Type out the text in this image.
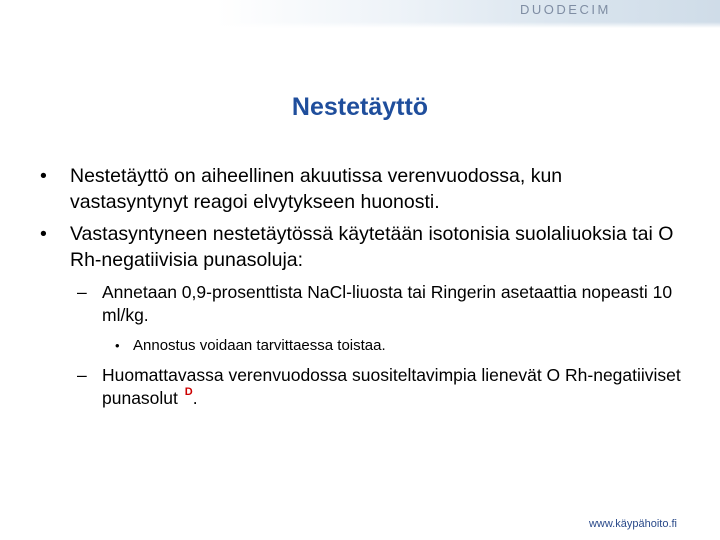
DUODECIM
Nestetäyttö

• Nestetäyttö on aiheellinen akuutissa verenvuodossa, kun vastasyntynyt reagoi elvytykseen huonosti.

• Vastasyntyneen nestetäytössä käytetään isotonisia suolaliuoksia tai O Rh-negatiivisia punasoluja:

– Annetaan 0,9-prosenttista NaCl-liuosta tai Ringerin asetaattia nopeasti 10 ml/kg.

• Annostus voidaan tarvittaessa toistaa.

– Huomattavassa verenvuodossa suositeltavimpia lienevät O Rh-negatiiviset punasolut $^D$.

www.käypähoito.fi
